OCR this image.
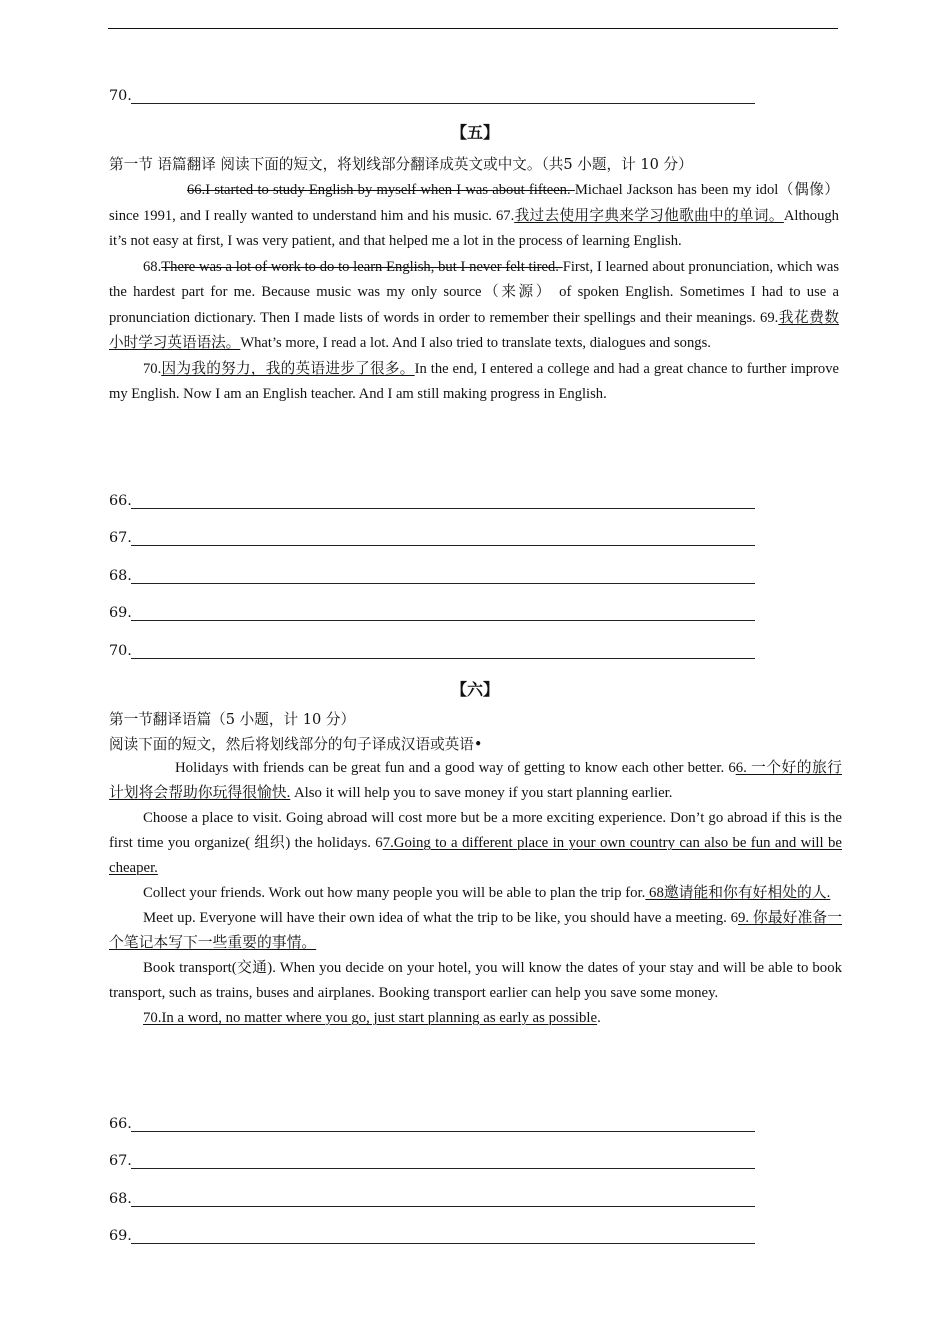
70.
【五】
第一节 语篇翻译 阅读下面的短文，将划线部分翻译成英文或中文。（共5 小题，计 10 分）

66.I started to study English by myself when I was about fifteen. Michael Jackson has been my idol（偶像）since 1991, and I really wanted to understand him and his music. 67.我过去使用字典来学习他歌曲中的单词。Although it’s not easy at first, I was very patient, and that helped me a lot in the process of learning English.

68.There was a lot of work to do to learn English, but I never felt tired. First, I learned about pronunciation, which was the hardest part for me. Because music was my only source（来源） of spoken English. Sometimes I had to use a pronunciation dictionary. Then I made lists of words in order to remember their spellings and their meanings. 69.我花费数小时学习英语语法。What’s more, I read a lot. And I also tried to translate texts, dialogues and songs.

70.因为我的努力，我的英语进步了很多。In the end, I entered a college and had a great chance to further improve my English. Now I am an English teacher. And I am still making progress in English.

66.
67.
68.
69.
70.
【六】
第一节翻译语篇（5 小题，计 10 分）
阅读下面的短文，然后将划线部分的句子译成汉语或英语•

Holidays with friends can be great fun and a good way of getting to know each other better. 66. 一个好的旅行计划将会帮助你玩得很愉快. Also it will help you to save money if you start planning earlier.

Choose a place to visit. Going abroad will cost more but be a more exciting experience. Don’t go abroad if this is the first time you organize( 组织) the holidays. 67.Going to a different place in your own country can also be fun and will be cheaper.

Collect your friends. Work out how many people you will be able to plan the trip for. 68邀请能和你有好相处的人.

Meet up. Everyone will have their own idea of what the trip to be like, you should have a meeting. 69. 你最好准备一个笔记本写下一些重要的事情。

Book transport(交通). When you decide on your hotel, you will know the dates of your stay and will be able to book transport, such as trains, buses and airplanes. Booking transport earlier can help you save some money.

70.In a word, no matter where you go, just start planning as early as possible.

66.
67.
68.
69.
